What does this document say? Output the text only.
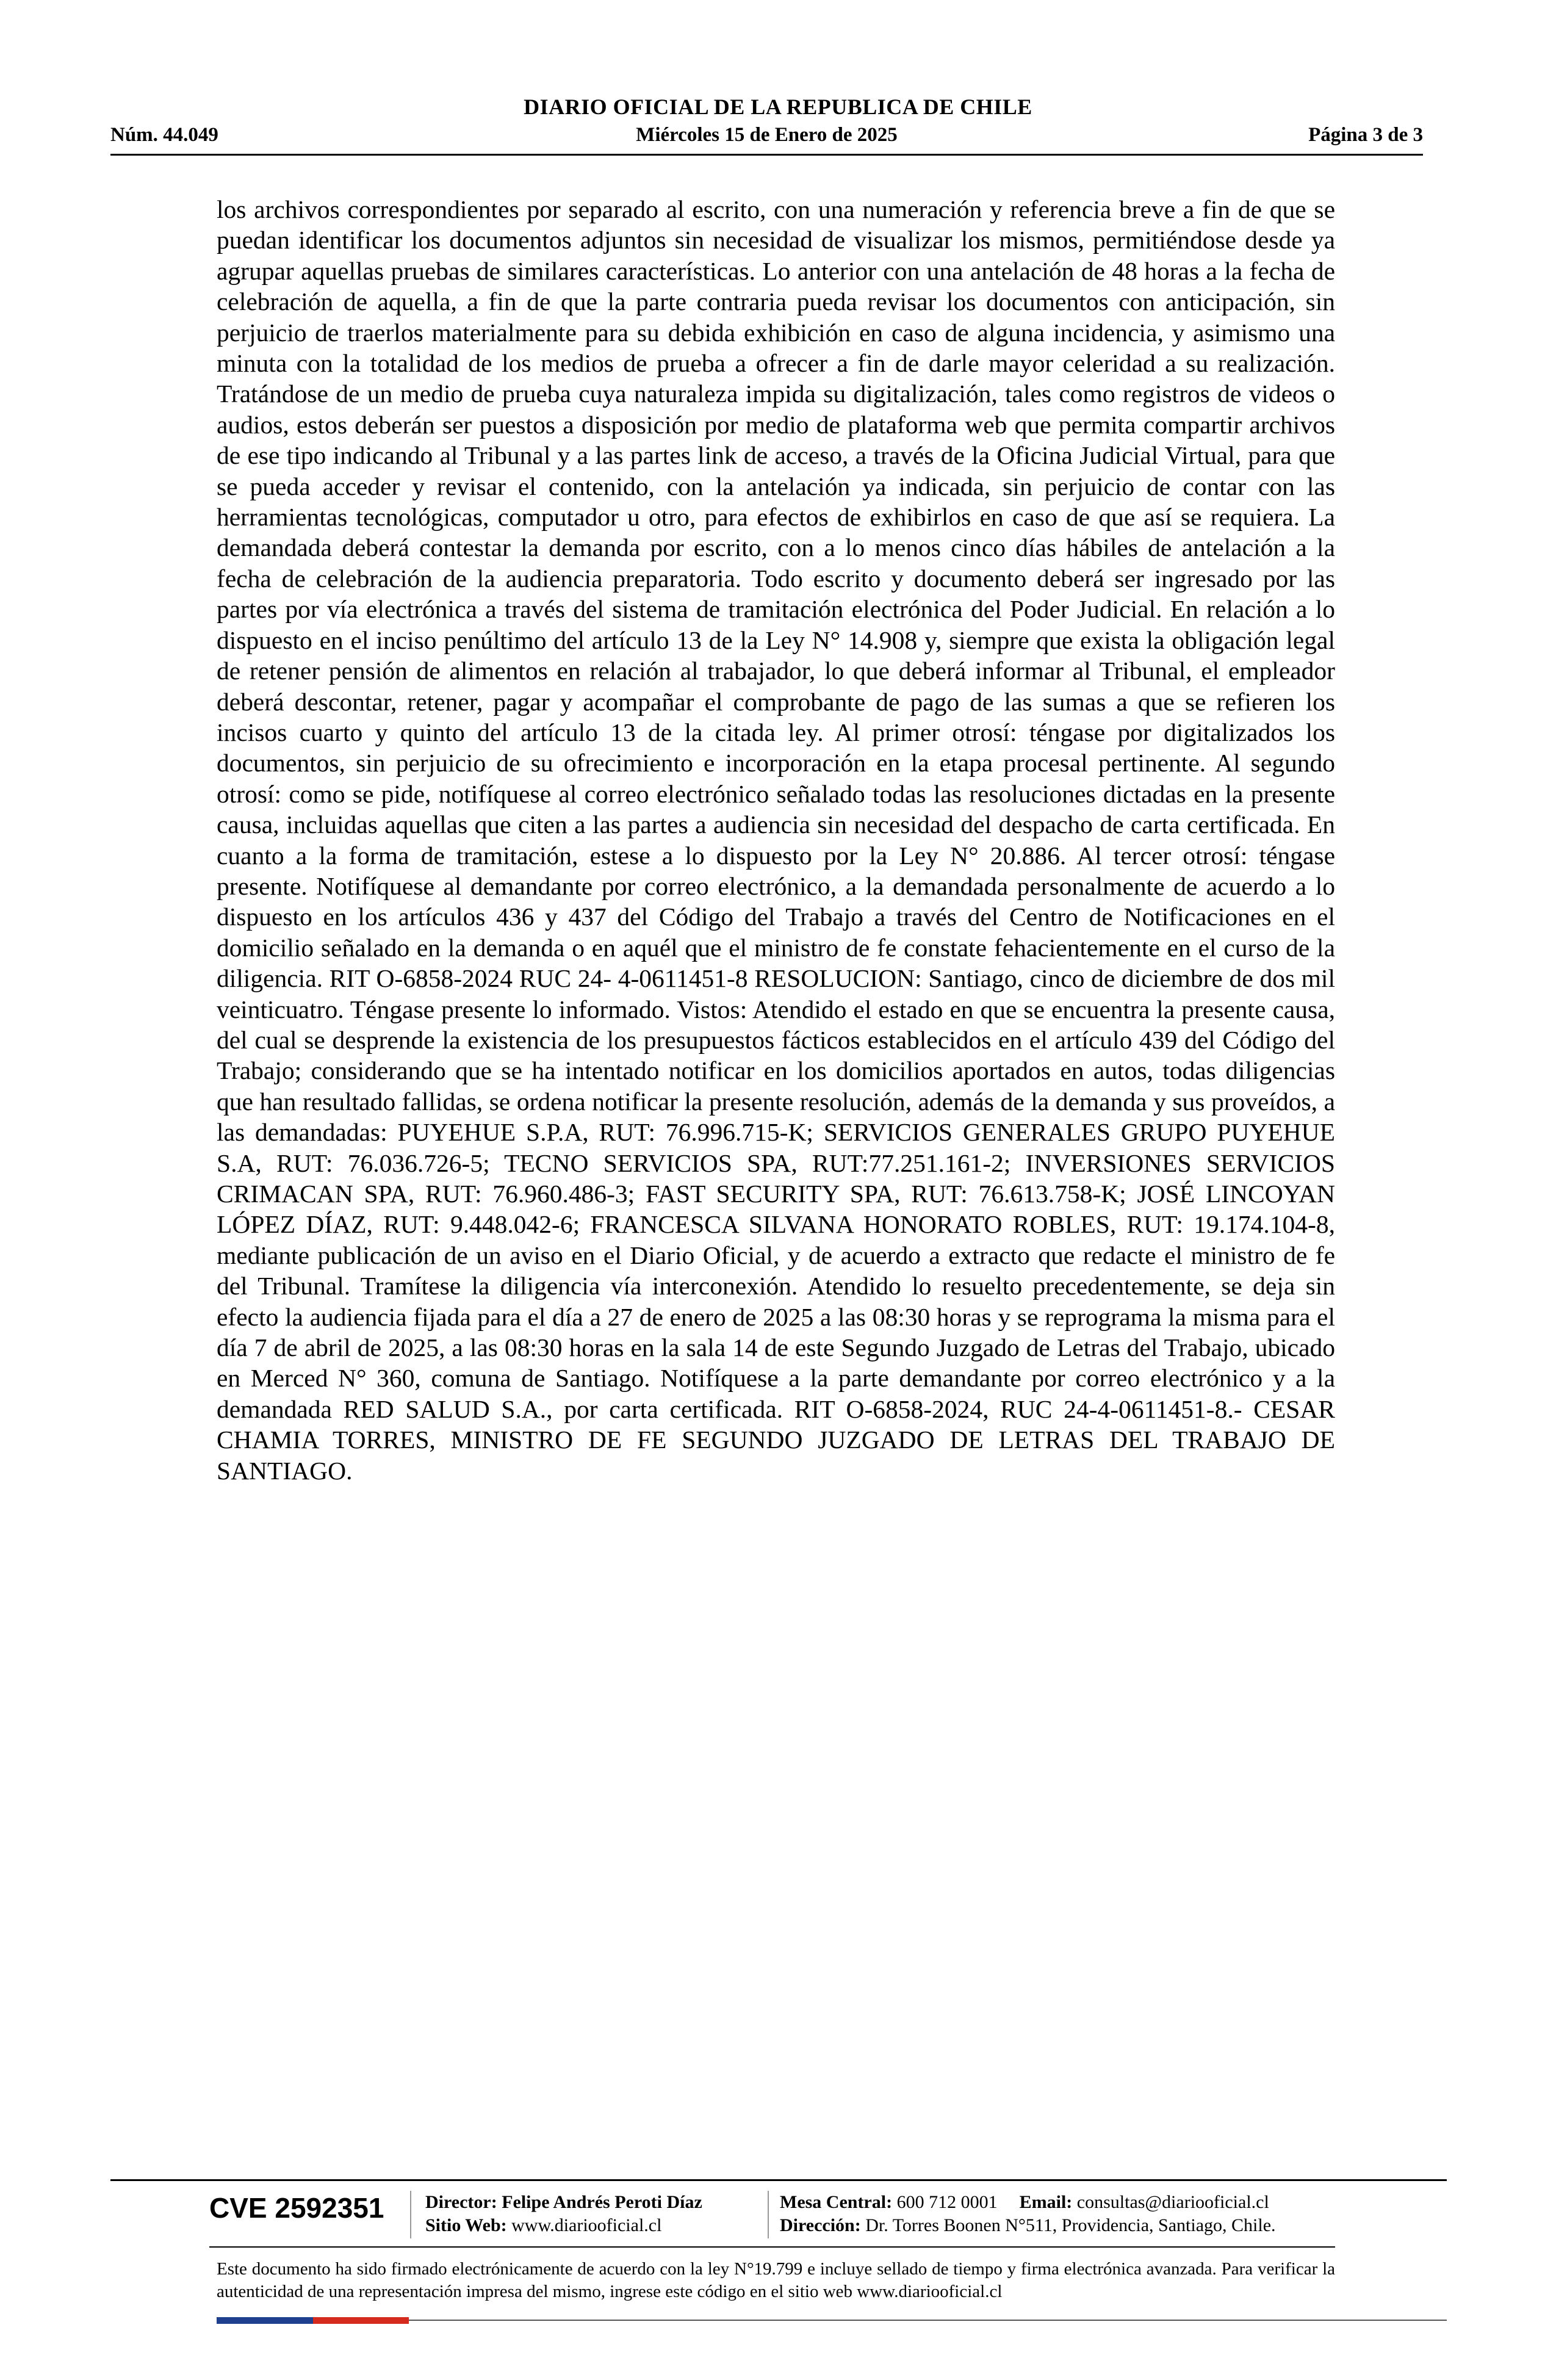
DIARIO OFICIAL DE LA REPUBLICA DE CHILE
Núm. 44.049	Miércoles 15 de Enero de 2025	Página 3 de 3
los archivos correspondientes por separado al escrito, con una numeración y referencia breve a fin de que se puedan identificar los documentos adjuntos sin necesidad de visualizar los mismos, permitiéndose desde ya agrupar aquellas pruebas de similares características. Lo anterior con una antelación de 48 horas a la fecha de celebración de aquella, a fin de que la parte contraria pueda revisar los documentos con anticipación, sin perjuicio de traerlos materialmente para su debida exhibición en caso de alguna incidencia, y asimismo una minuta con la totalidad de los medios de prueba a ofrecer a fin de darle mayor celeridad a su realización. Tratándose de un medio de prueba cuya naturaleza impida su digitalización, tales como registros de videos o audios, estos deberán ser puestos a disposición por medio de plataforma web que permita compartir archivos de ese tipo indicando al Tribunal y a las partes link de acceso, a través de la Oficina Judicial Virtual, para que se pueda acceder y revisar el contenido, con la antelación ya indicada, sin perjuicio de contar con las herramientas tecnológicas, computador u otro, para efectos de exhibirlos en caso de que así se requiera. La demandada deberá contestar la demanda por escrito, con a lo menos cinco días hábiles de antelación a la fecha de celebración de la audiencia preparatoria. Todo escrito y documento deberá ser ingresado por las partes por vía electrónica a través del sistema de tramitación electrónica del Poder Judicial. En relación a lo dispuesto en el inciso penúltimo del artículo 13 de la Ley N° 14.908 y, siempre que exista la obligación legal de retener pensión de alimentos en relación al trabajador, lo que deberá informar al Tribunal, el empleador deberá descontar, retener, pagar y acompañar el comprobante de pago de las sumas a que se refieren los incisos cuarto y quinto del artículo 13 de la citada ley. Al primer otrosí: téngase por digitalizados los documentos, sin perjuicio de su ofrecimiento e incorporación en la etapa procesal pertinente. Al segundo otrosí: como se pide, notifíquese al correo electrónico señalado todas las resoluciones dictadas en la presente causa, incluidas aquellas que citen a las partes a audiencia sin necesidad del despacho de carta certificada. En cuanto a la forma de tramitación, estese a lo dispuesto por la Ley N° 20.886. Al tercer otrosí: téngase presente. Notifíquese al demandante por correo electrónico, a la demandada personalmente de acuerdo a lo dispuesto en los artículos 436 y 437 del Código del Trabajo a través del Centro de Notificaciones en el domicilio señalado en la demanda o en aquél que el ministro de fe constate fehacientemente en el curso de la diligencia. RIT O-6858-2024 RUC 24- 4-0611451-8 RESOLUCION: Santiago, cinco de diciembre de dos mil veinticuatro. Téngase presente lo informado. Vistos: Atendido el estado en que se encuentra la presente causa, del cual se desprende la existencia de los presupuestos fácticos establecidos en el artículo 439 del Código del Trabajo; considerando que se ha intentado notificar en los domicilios aportados en autos, todas diligencias que han resultado fallidas, se ordena notificar la presente resolución, además de la demanda y sus proveídos, a las demandadas: PUYEHUE S.P.A, RUT: 76.996.715-K; SERVICIOS GENERALES GRUPO PUYEHUE S.A, RUT: 76.036.726-5; TECNO SERVICIOS SPA, RUT:77.251.161-2; INVERSIONES SERVICIOS CRIMACAN SPA, RUT: 76.960.486-3; FAST SECURITY SPA, RUT: 76.613.758-K; JOSÉ LINCOYAN LÓPEZ DÍAZ, RUT: 9.448.042-6; FRANCESCA SILVANA HONORATO ROBLES, RUT: 19.174.104-8, mediante publicación de un aviso en el Diario Oficial, y de acuerdo a extracto que redacte el ministro de fe del Tribunal. Tramítese la diligencia vía interconexión. Atendido lo resuelto precedentemente, se deja sin efecto la audiencia fijada para el día a 27 de enero de 2025 a las 08:30 horas y se reprograma la misma para el día 7 de abril de 2025, a las 08:30 horas en la sala 14 de este Segundo Juzgado de Letras del Trabajo, ubicado en Merced N° 360, comuna de Santiago. Notifíquese a la parte demandante por correo electrónico y a la demandada RED SALUD S.A., por carta certificada. RIT O-6858-2024, RUC 24-4-0611451-8.- CESAR CHAMIA TORRES, MINISTRO DE FE SEGUNDO JUZGADO DE LETRAS DEL TRABAJO DE SANTIAGO.
CVE 2592351 Director: Felipe Andrés Peroti Díaz
Sitio Web: www.diariooficial.cl
Mesa Central: 600 712 0001 Email: consultas@diariooficial.cl
Dirección: Dr. Torres Boonen N°511, Providencia, Santiago, Chile.
Este documento ha sido firmado electrónicamente de acuerdo con la ley N°19.799 e incluye sellado de tiempo y firma electrónica avanzada. Para verificar la autenticidad de una representación impresa del mismo, ingrese este código en el sitio web www.diariooficial.cl
